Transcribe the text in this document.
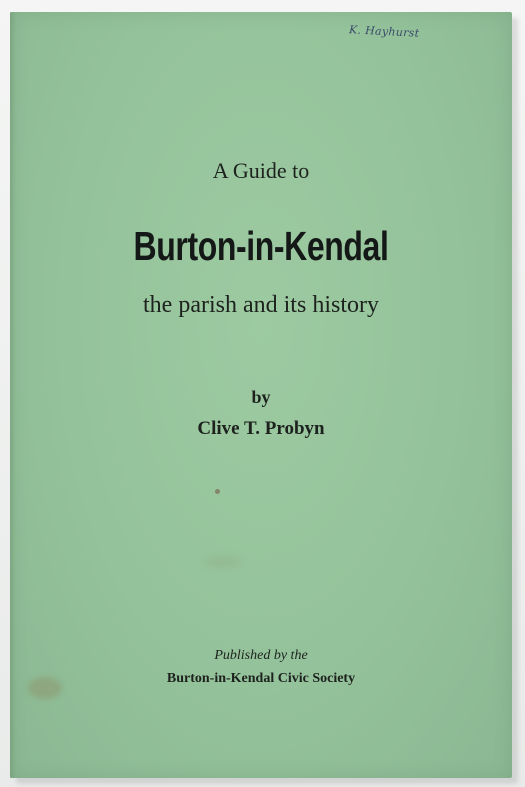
K. Hayhurst
A Guide to
Burton-in-Kendal
the parish and its history
by
Clive T. Probyn
Published by the
Burton-in-Kendal Civic Society
